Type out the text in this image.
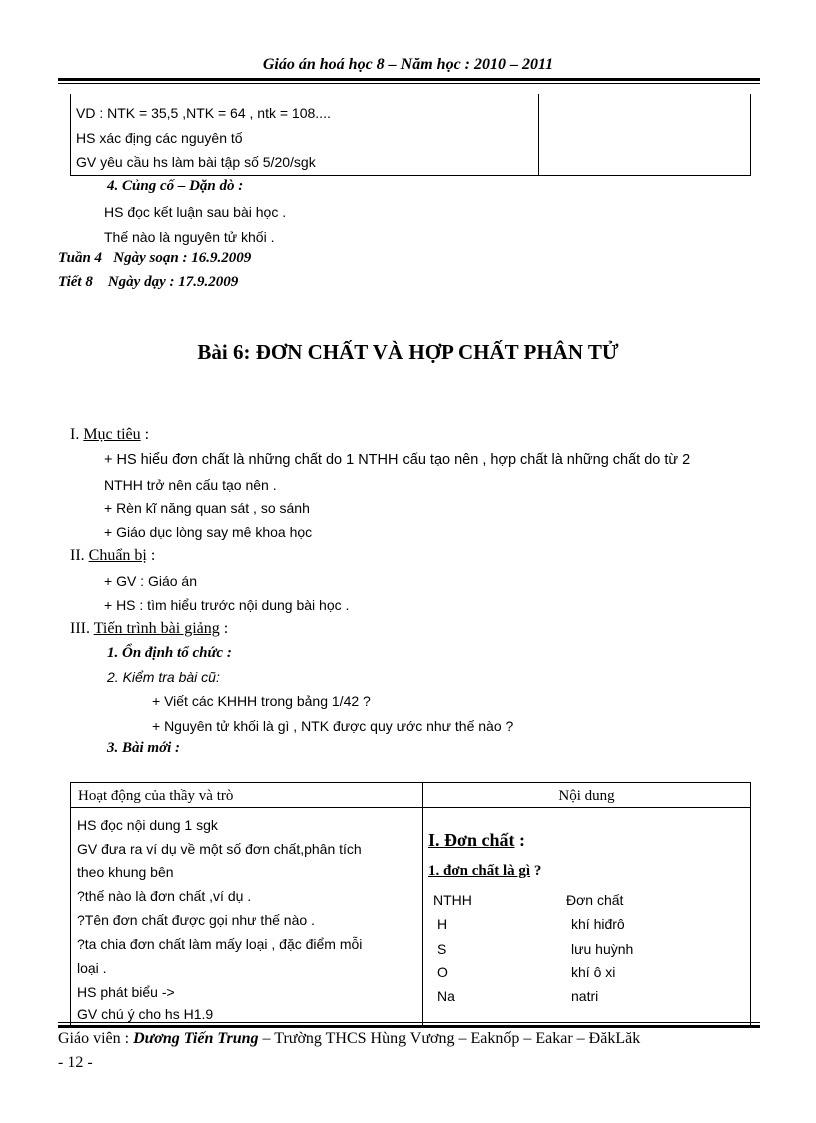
Giáo án hoá học 8 – Năm học : 2010 – 2011
VD : NTK = 35,5 ,NTK = 64 , ntk = 108....
HS xác địng các nguyên tố
GV yêu cầu hs làm bài tập số 5/20/sgk
4. Củng cố – Dặn dò :
HS đọc kết luận sau bài học .
Thế nào là nguyên tử khối .
Tuần 4   Ngày soạn : 16.9.2009
Tiết 8    Ngày dạy : 17.9.2009
Bài 6: ĐƠN CHẤT VÀ HỢP CHẤT PHÂN TỬ
I. Mục tiêu :
+ HS hiểu đơn chất là những chất do 1 NTHH cấu tạo nên , hợp chất là những chất do từ 2
NTHH trở nên cấu tạo nên .
+ Rèn kĩ năng quan sát , so sánh
+ Giáo dục lòng say mê khoa học
II. Chuẩn bị :
+ GV : Giáo án
+ HS : tìm hiểu trước nội dung bài học .
III. Tiến trình bài giảng :
1. Ổn định tổ chức :
2. Kiểm tra bài cũ:
+ Viết các KHHH trong bảng 1/42 ?
+ Nguyên tử khối là gì , NTK được quy ước như thế nào ?
3. Bài mới :
Hoạt động của thầy và trò	Nội dung
HS đọc nội dung 1 sgk
GV đưa ra ví dụ về một số đơn chất,phân tích
theo khung bên
?thế nào là đơn chất ,ví dụ .
?Tên đơn chất được gọi như thế nào .
?ta chia đơn chất làm mấy loại , đặc điểm mỗi
loại .
HS phát biểu ->
GV chú ý cho hs H1.9
I. Đơn chất :
1. đơn chất là gì ?
NTHH	Đơn chất
H	khí hiđrô
S	lưu huỳnh
O	khí ô xi
Na	natri
Giáo viên : Dương Tiến Trung – Trường THCS Hùng Vương – Eaknốp – Eakar – ĐăkLăk
- 12 -
